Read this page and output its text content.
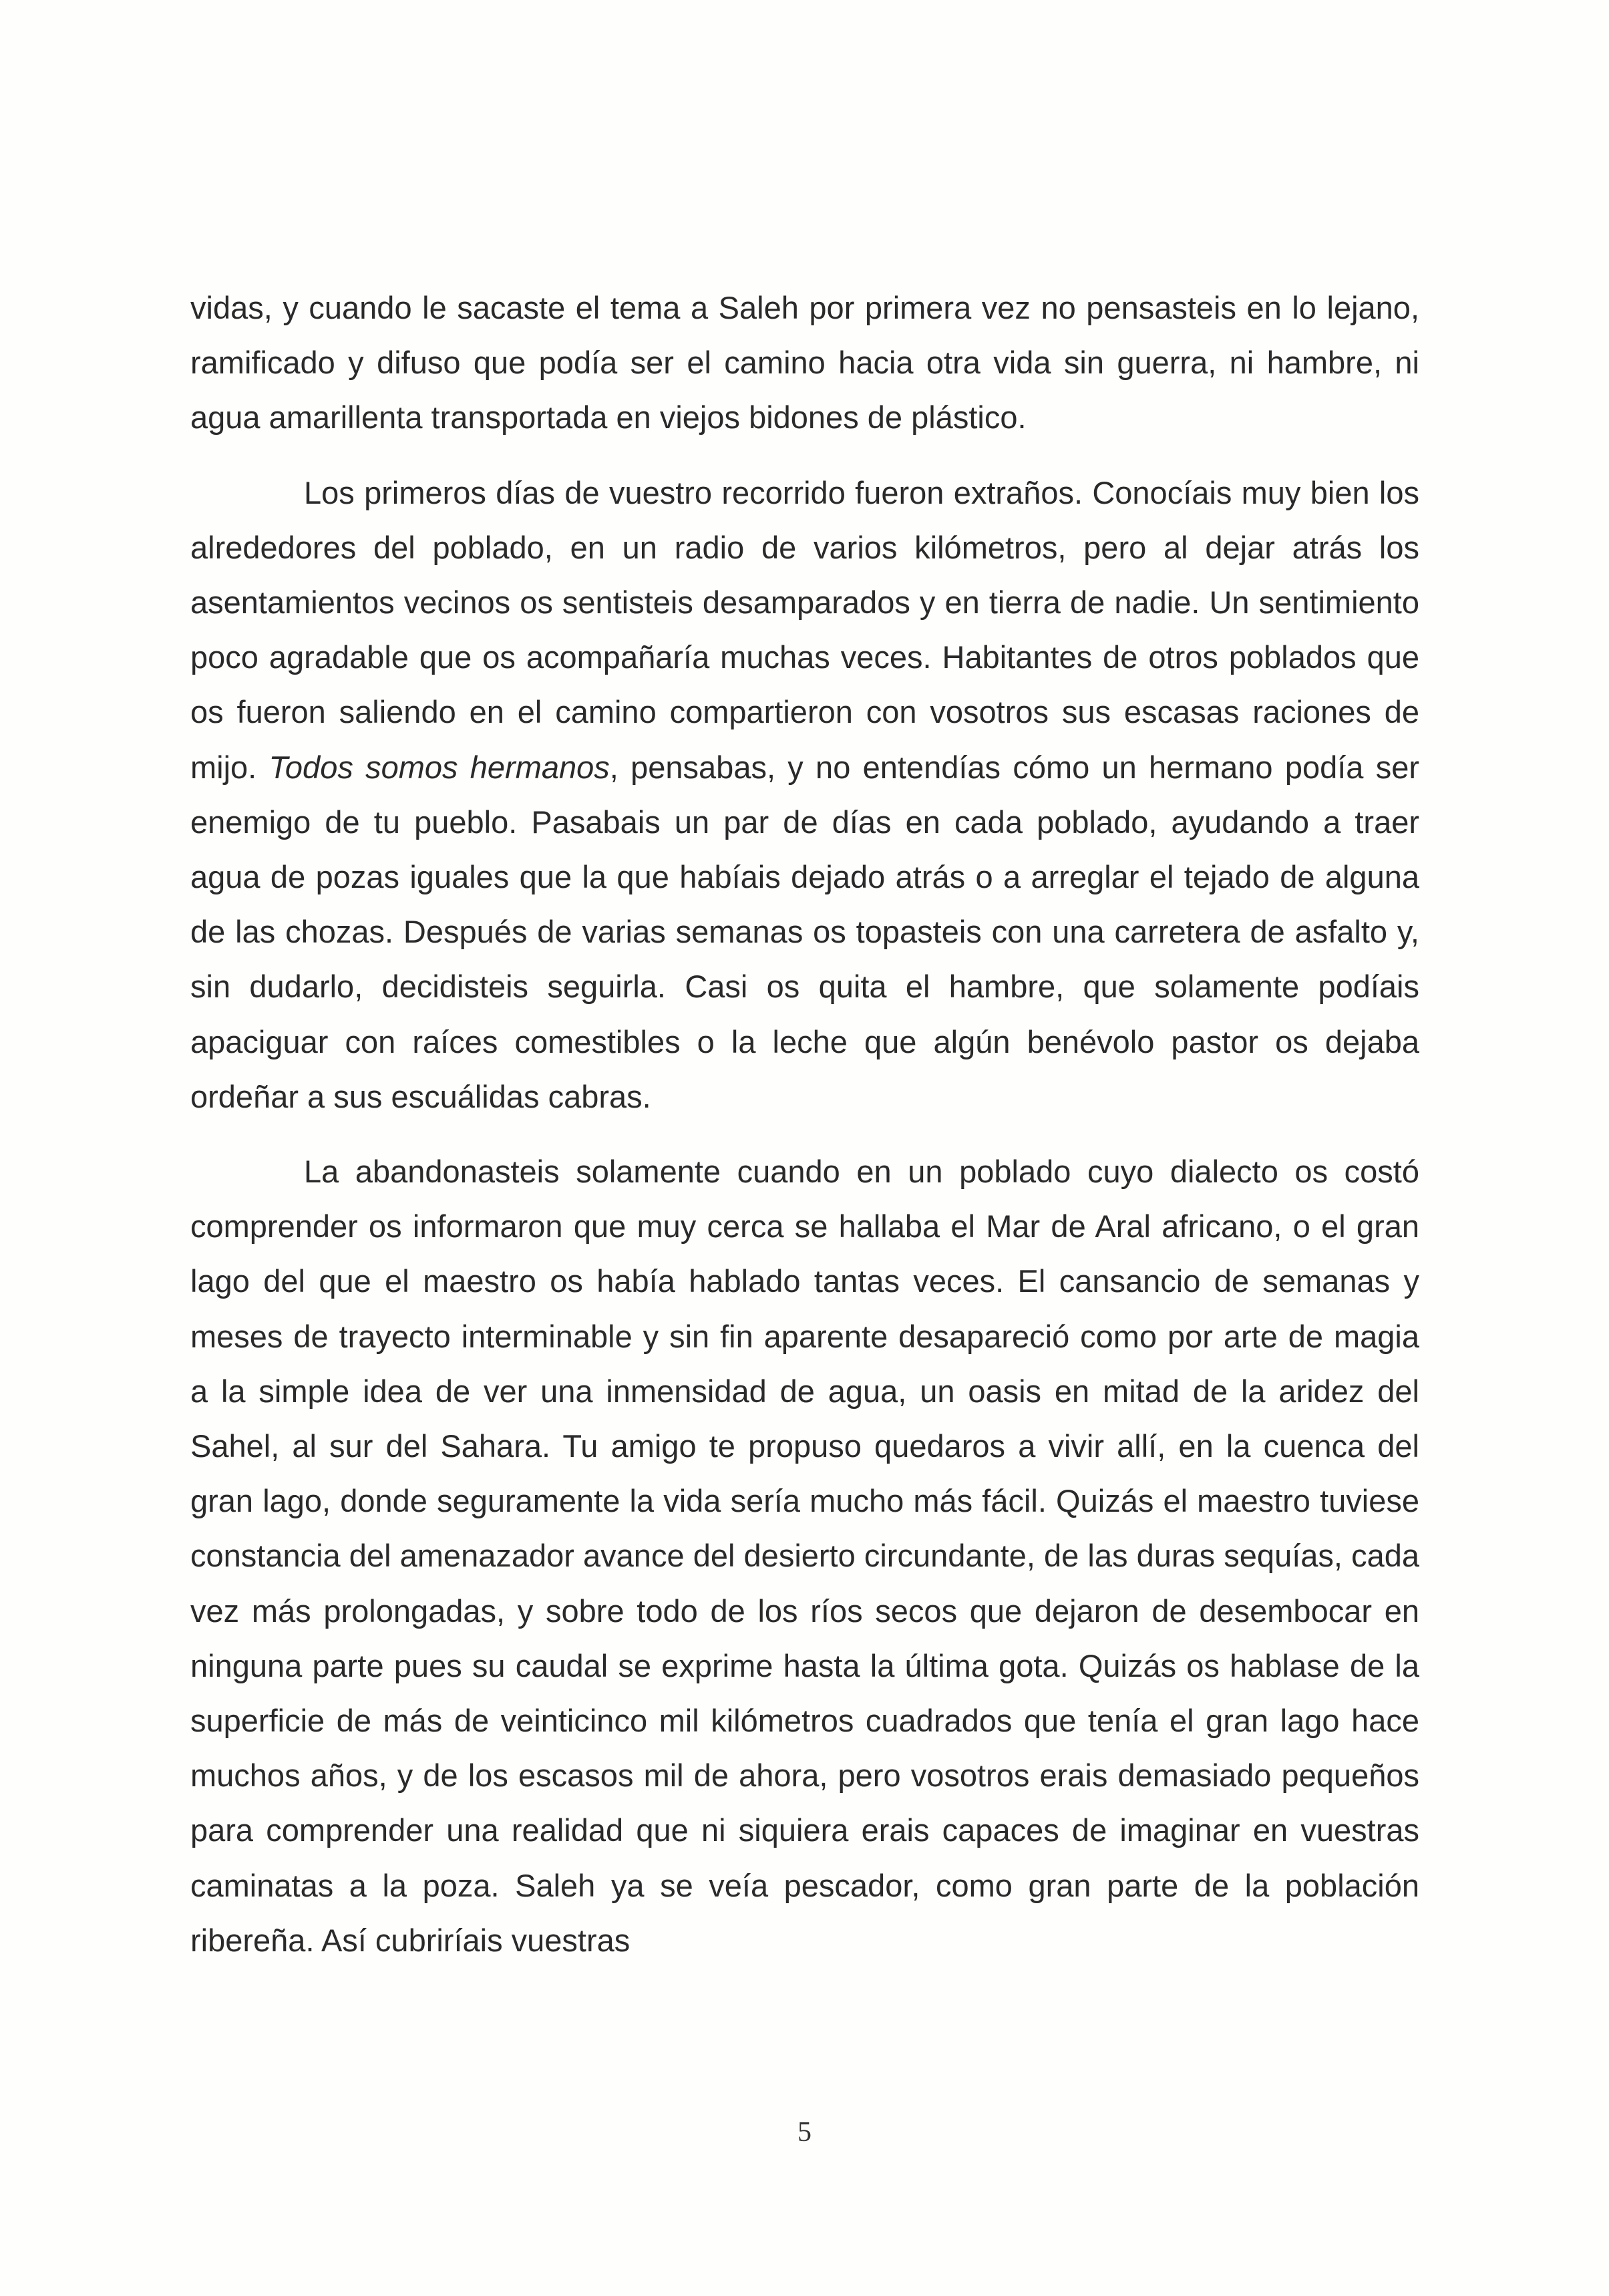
vidas, y cuando le sacaste el tema a Saleh por primera vez no pensasteis en lo lejano, ramificado y difuso que podía ser el camino hacia otra vida sin guerra, ni hambre, ni agua amarillenta transportada en viejos bidones de plástico.

Los primeros días de vuestro recorrido fueron extraños. Conocíais muy bien los alrededores del poblado, en un radio de varios kilómetros, pero al dejar atrás los asentamientos vecinos os sentisteis desamparados y en tierra de nadie. Un sentimiento poco agradable que os acompañaría muchas veces. Habitantes de otros poblados que os fueron saliendo en el camino compartieron con vosotros sus escasas raciones de mijo. Todos somos hermanos, pensabas, y no entendías cómo un hermano podía ser enemigo de tu pueblo. Pasabais un par de días en cada poblado, ayudando a traer agua de pozas iguales que la que habíais dejado atrás o a arreglar el tejado de alguna de las chozas. Después de varias semanas os topasteis con una carretera de asfalto y, sin dudarlo, decidisteis seguirla. Casi os quita el hambre, que solamente podíais apaciguar con raíces comestibles o la leche que algún benévolo pastor os dejaba ordeñar a sus escuálidas cabras.

La abandonasteis solamente cuando en un poblado cuyo dialecto os costó comprender os informaron que muy cerca se hallaba el Mar de Aral africano, o el gran lago del que el maestro os había hablado tantas veces. El cansancio de semanas y meses de trayecto interminable y sin fin aparente desapareció como por arte de magia a la simple idea de ver una inmensidad de agua, un oasis en mitad de la aridez del Sahel, al sur del Sahara. Tu amigo te propuso quedaros a vivir allí, en la cuenca del gran lago, donde seguramente la vida sería mucho más fácil. Quizás el maestro tuviese constancia del amenazador avance del desierto circundante, de las duras sequías, cada vez más prolongadas, y sobre todo de los ríos secos que dejaron de desembocar en ninguna parte pues su caudal se exprime hasta la última gota. Quizás os hablase de la superficie de más de veinticinco mil kilómetros cuadrados que tenía el gran lago hace muchos años, y de los escasos mil de ahora, pero vosotros erais demasiado pequeños para comprender una realidad que ni siquiera erais capaces de imaginar en vuestras caminatas a la poza. Saleh ya se veía pescador, como gran parte de la población ribereña. Así cubriríais vuestras

5
